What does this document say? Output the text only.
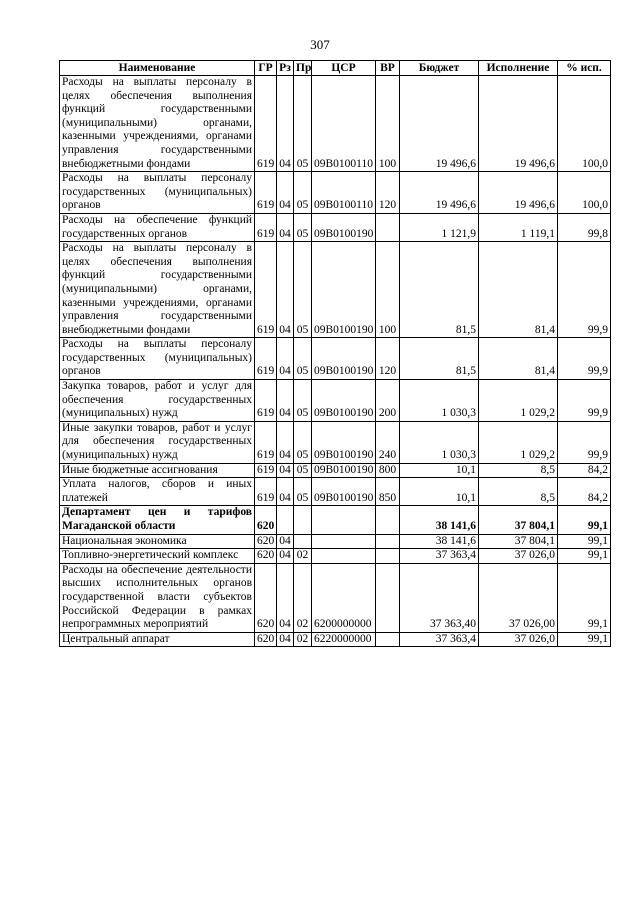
307
Наименование	ГР	Рз	Пр	ЦСР	ВР	Бюджет	Исполнение	% исп.
Расходы на выплаты персоналу в целях обеспечения выполнения функций государственными (муниципальными) органами, казенными учреждениями, органами управления государственными внебюджетными фондами	619	04	05	09В0100110	100	19 496,6	19 496,6	100,0
Расходы на выплаты персоналу государственных (муниципальных) органов	619	04	05	09В0100110	120	19 496,6	19 496,6	100,0
Расходы на обеспечение функций государственных органов	619	04	05	09В0100190		1 121,9	1 119,1	99,8
Расходы на выплаты персоналу в целях обеспечения выполнения функций государственными (муниципальными) органами, казенными учреждениями, органами управления государственными внебюджетными фондами	619	04	05	09В0100190	100	81,5	81,4	99,9
Расходы на выплаты персоналу государственных (муниципальных) органов	619	04	05	09В0100190	120	81,5	81,4	99,9
Закупка товаров, работ и услуг для обеспечения государственных (муниципальных) нужд	619	04	05	09В0100190	200	1 030,3	1 029,2	99,9
Иные закупки товаров, работ и услуг для обеспечения государственных (муниципальных) нужд	619	04	05	09В0100190	240	1 030,3	1 029,2	99,9
Иные бюджетные ассигнования	619	04	05	09В0100190	800	10,1	8,5	84,2
Уплата налогов, сборов и иных платежей	619	04	05	09В0100190	850	10,1	8,5	84,2
Департамент цен и тарифов Магаданской области	620					38 141,6	37 804,1	99,1
Национальная экономика	620	04				38 141,6	37 804,1	99,1
Топливно-энергетический комплекс	620	04	02			37 363,4	37 026,0	99,1
Расходы на обеспечение деятельности высших исполнительных органов государственной власти субъектов Российской Федерации в рамках непрограммных мероприятий	620	04	02	6200000000		37 363,40	37 026,00	99,1
Центральный аппарат	620	04	02	6220000000		37 363,4	37 026,0	99,1
